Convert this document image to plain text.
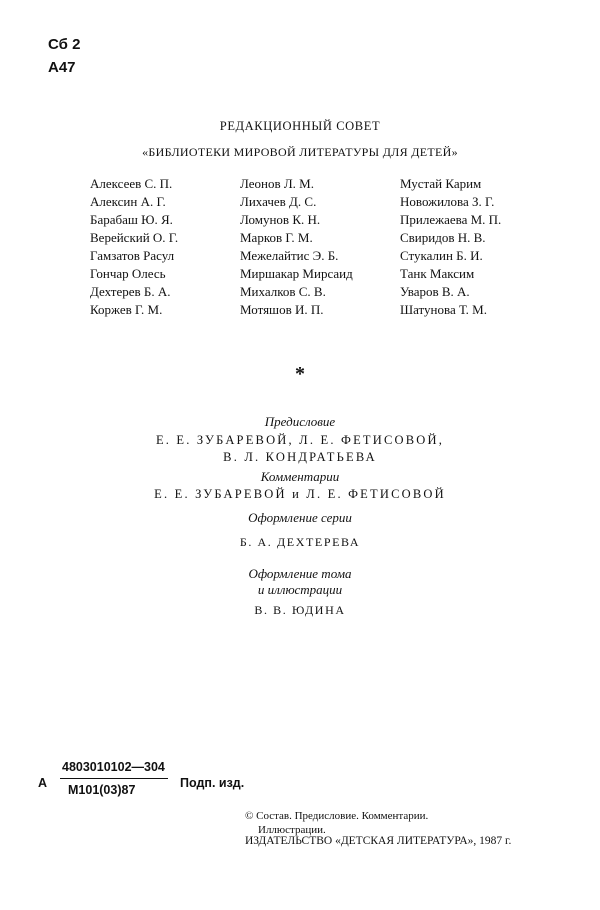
Сб 2
А47
РЕДАКЦИОННЫЙ СОВЕТ
«БИБЛИОТЕКИ МИРОВОЙ ЛИТЕРАТУРЫ ДЛЯ ДЕТЕЙ»
Алексеев С. П.
Алексин А. Г.
Барабаш Ю. Я.
Верейский О. Г.
Гамзатов Расул
Гончар Олесь
Дехтерев Б. А.
Коржев Г. М.
Леонов Л. М.
Лихачев Д. С.
Ломунов К. Н.
Марков Г. М.
Межелайтис Э. Б.
Миршакар Мирсаид
Михалков С. В.
Мотяшов И. П.
Мустай Карим
Новожилова З. Г.
Прилежаева М. П.
Свиридов Н. В.
Стукалин Б. И.
Танк Максим
Уваров В. А.
Шатунова Т. М.
*
Предисловие
Е. Е. ЗУБАРЕВОЙ, Л. Е. ФЕТИСОВОЙ,
В. Л. КОНДРАТЬЕВА
Комментарии
Е. Е. ЗУБАРЕВОЙ и Л. Е. ФЕТИСОВОЙ
Оформление серии
Б. А. ДЕХТЕРЕВА
Оформление тома
и иллюстрации
В. В. ЮДИНА
А
4803010102—304
М101(03)87	Подп. изд.
© Состав. Предисловие. Комментарии.
Иллюстрации.
ИЗДАТЕЛЬСТВО «ДЕТСКАЯ ЛИТЕРАТУРА», 1987 г.
